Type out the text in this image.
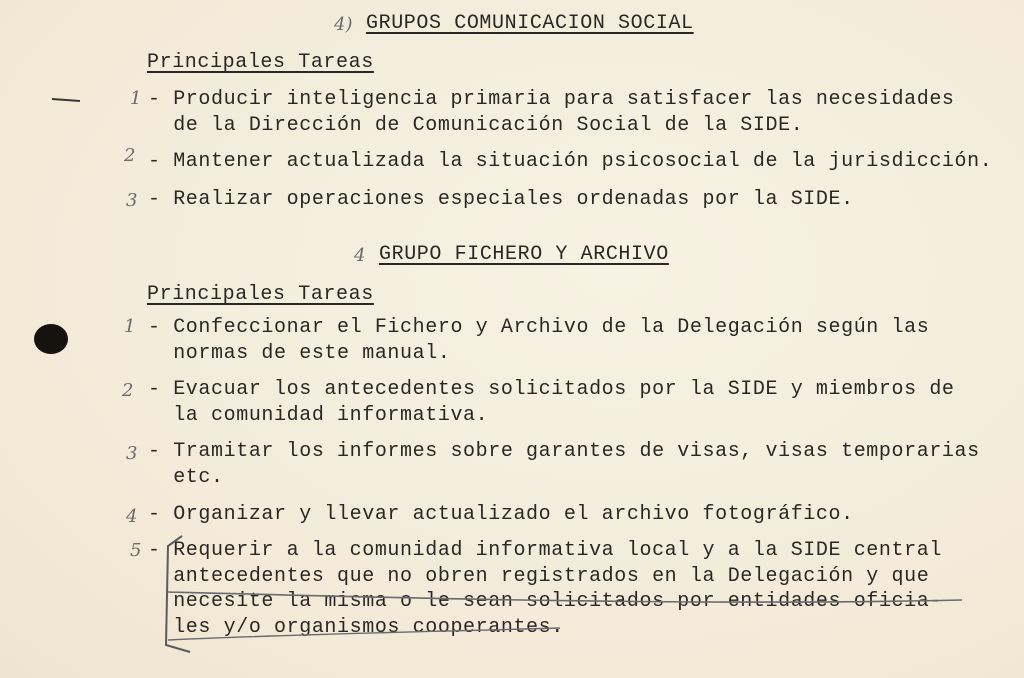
4) GRUPOS COMUNICACION SOCIAL
Principales Tareas
1
2
3
- Producir inteligencia primaria para satisfacer las necesidades
de la Dirección de Comunicación Social de la SIDE.
- Mantener actualizada la situación psicosocial de la jurisdicción.
- Realizar operaciones especiales ordenadas por la SIDE.
4 GRUPO FICHERO Y ARCHIVO
Principales Tareas
1
2
3
4
5
- Confeccionar el Fichero y Archivo de la Delegación según las
normas de este manual.
- Evacuar los antecedentes solicitados por la SIDE y miembros de
la comunidad informativa.
- Tramitar los informes sobre garantes de visas, visas temporarias
etc.
- Organizar y llevar actualizado el archivo fotográfico.
- Requerir a la comunidad informativa local y a la SIDE central
antecedentes que no obren registrados en la Delegación y que
necesite la misma o le sean solicitados por entidades oficia-
les y/o organismos cooperantes.
